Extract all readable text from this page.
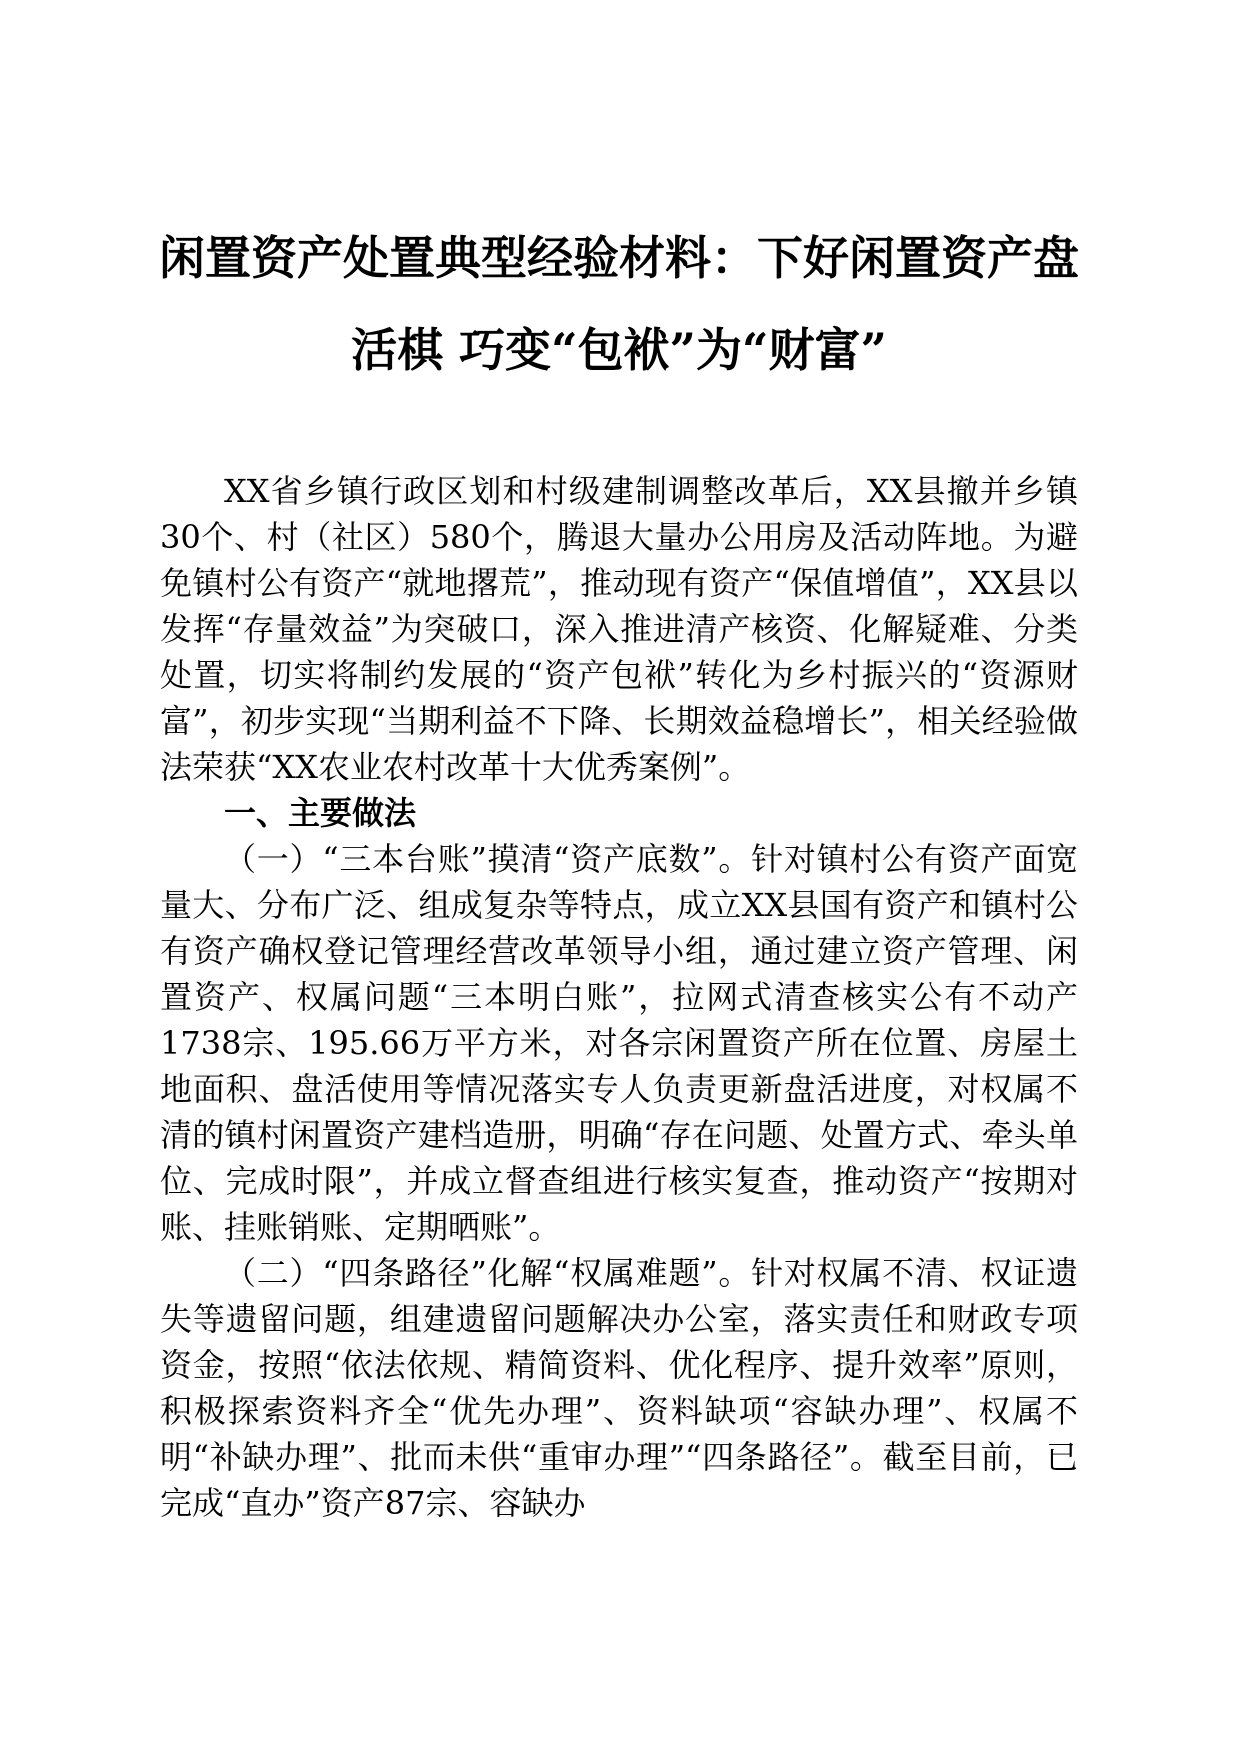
闲置资产处置典型经验材料：下好闲置资产盘
活棋 巧变“包袱”为“财富”

XX省乡镇行政区划和村级建制调整改革后，XX县撤并乡镇30个、村（社区）580个，腾退大量办公用房及活动阵地。为避免镇村公有资产“就地撂荒”，推动现有资产“保值增值”，XX县以发挥“存量效益”为突破口，深入推进清产核资、化解疑难、分类处置，切实将制约发展的“资产包袱”转化为乡村振兴的“资源财富”，初步实现“当期利益不下降、长期效益稳增长”，相关经验做法荣获“XX农业农村改革十大优秀案例”。

一、主要做法

（一）“三本台账”摸清“资产底数”。针对镇村公有资产面宽量大、分布广泛、组成复杂等特点，成立XX县国有资产和镇村公有资产确权登记管理经营改革领导小组，通过建立资产管理、闲置资产、权属问题“三本明白账”，拉网式清查核实公有不动产1738宗、195.66万平方米，对各宗闲置资产所在位置、房屋土地面积、盘活使用等情况落实专人负责更新盘活进度，对权属不清的镇村闲置资产建档造册，明确“存在问题、处置方式、牵头单位、完成时限”，并成立督查组进行核实复查，推动资产“按期对账、挂账销账、定期晒账”。

（二）“四条路径”化解“权属难题”。针对权属不清、权证遗失等遗留问题，组建遗留问题解决办公室，落实责任和财政专项资金，按照“依法依规、精简资料、优化程序、提升效率”原则，积极探索资料齐全“优先办理”、资料缺项“容缺办理”、权属不明“补缺办理”、批而未供“重审办理”“四条路径”。截至目前，已完成“直办”资产87宗、容缺办
